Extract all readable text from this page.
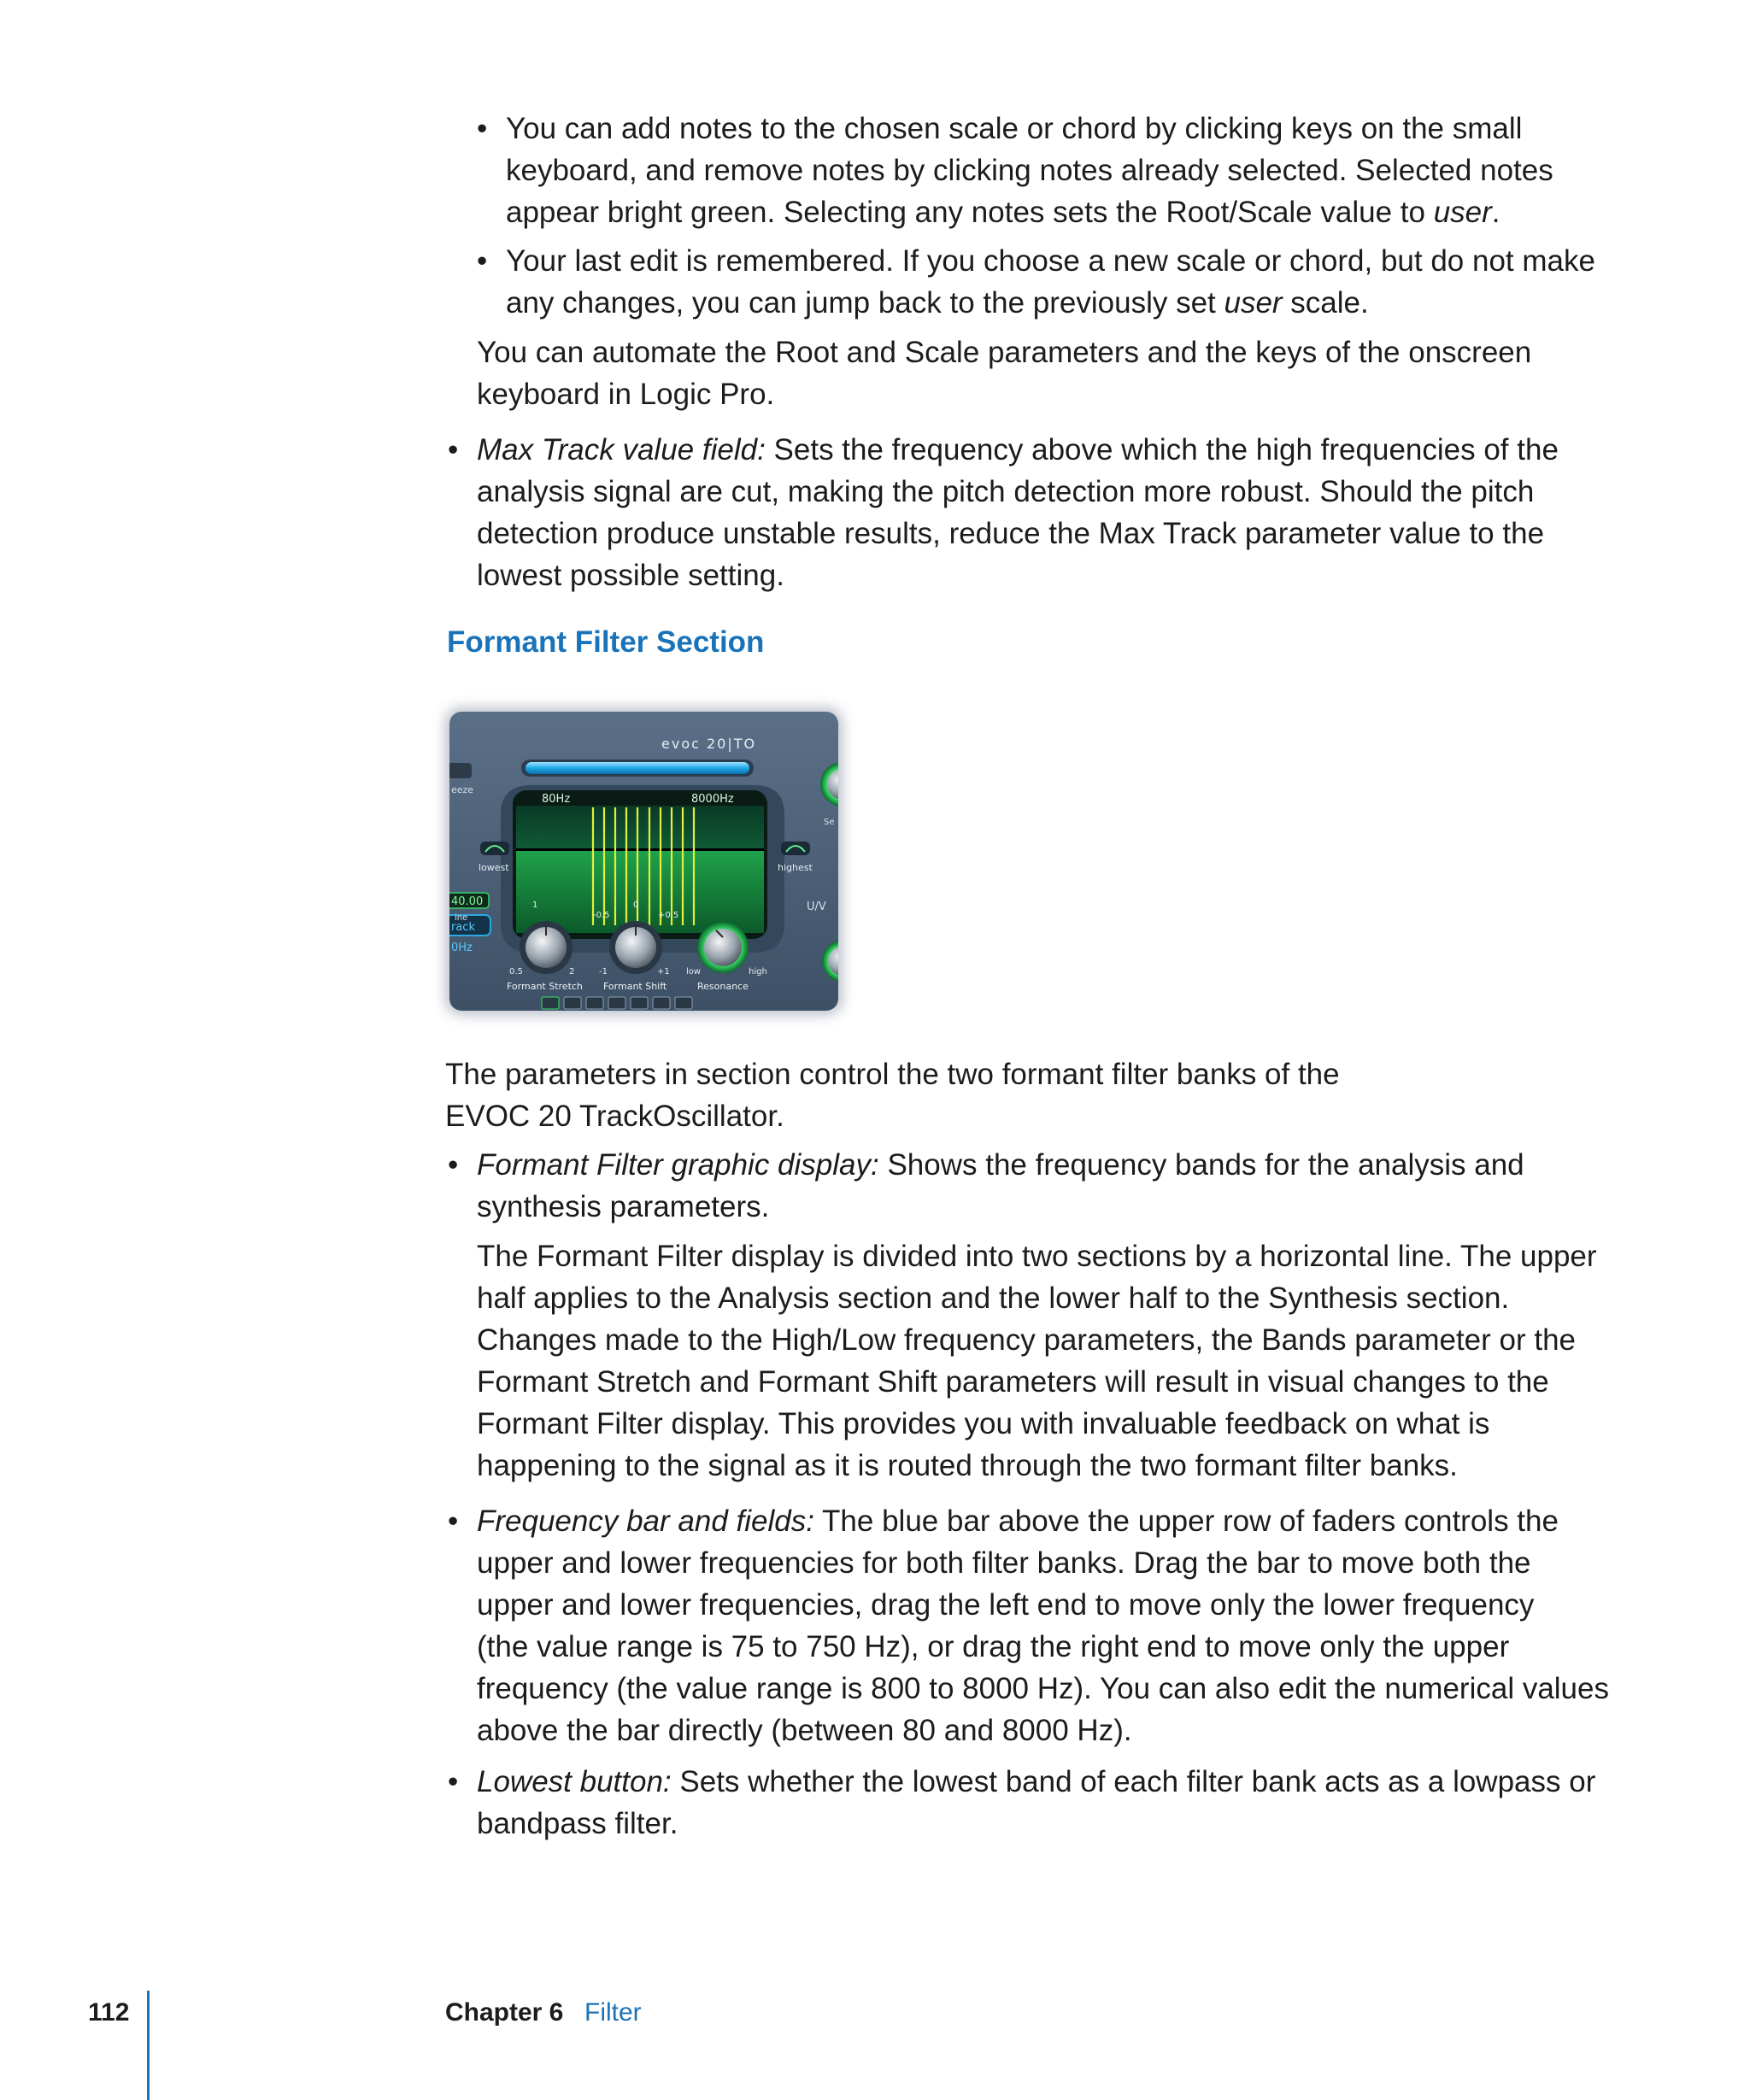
• You can add notes to the chosen scale or chord by clicking keys on the small
keyboard, and remove notes by clicking notes already selected. Selected notes
appear bright green. Selecting any notes sets the Root/Scale value to user.
• Your last edit is remembered. If you choose a new scale or chord, but do not make
any changes, you can jump back to the previously set user scale.
You can automate the Root and Scale parameters and the keys of the onscreen
keyboard in Logic Pro.
• Max Track value field: Sets the frequency above which the high frequencies of the
analysis signal are cut, making the pitch detection more robust. Should the pitch
detection produce unstable results, reduce the Max Track parameter value to the
lowest possible setting.
Formant Filter Section
eeze
rack
0Hz
40.00
ine
Se
U/V
evoc 20|TO
80Hz	8000Hz
lowest	highest
1
0.5	2
0
-0.5	+0.5
-1	+1 low	high
Formant Stretch Formant Shift	Resonance
The parameters in section control the two formant filter banks of the
EVOC 20 TrackOscillator.
• Formant Filter graphic display: Shows the frequency bands for the analysis and
synthesis parameters.
The Formant Filter display is divided into two sections by a horizontal line. The upper
half applies to the Analysis section and the lower half to the Synthesis section.
Changes made to the High/Low frequency parameters, the Bands parameter or the
Formant Stretch and Formant Shift parameters will result in visual changes to the
Formant Filter display. This provides you with invaluable feedback on what is
happening to the signal as it is routed through the two formant filter banks.
• Frequency bar and fields: The blue bar above the upper row of faders controls the
upper and lower frequencies for both filter banks. Drag the bar to move both the
upper and lower frequencies, drag the left end to move only the lower frequency
(the value range is 75 to 750 Hz), or drag the right end to move only the upper
frequency (the value range is 800 to 8000 Hz). You can also edit the numerical values
above the bar directly (between 80 and 8000 Hz).
• Lowest button: Sets whether the lowest band of each filter bank acts as a lowpass or
bandpass filter.
112	Chapter 6 Filter
